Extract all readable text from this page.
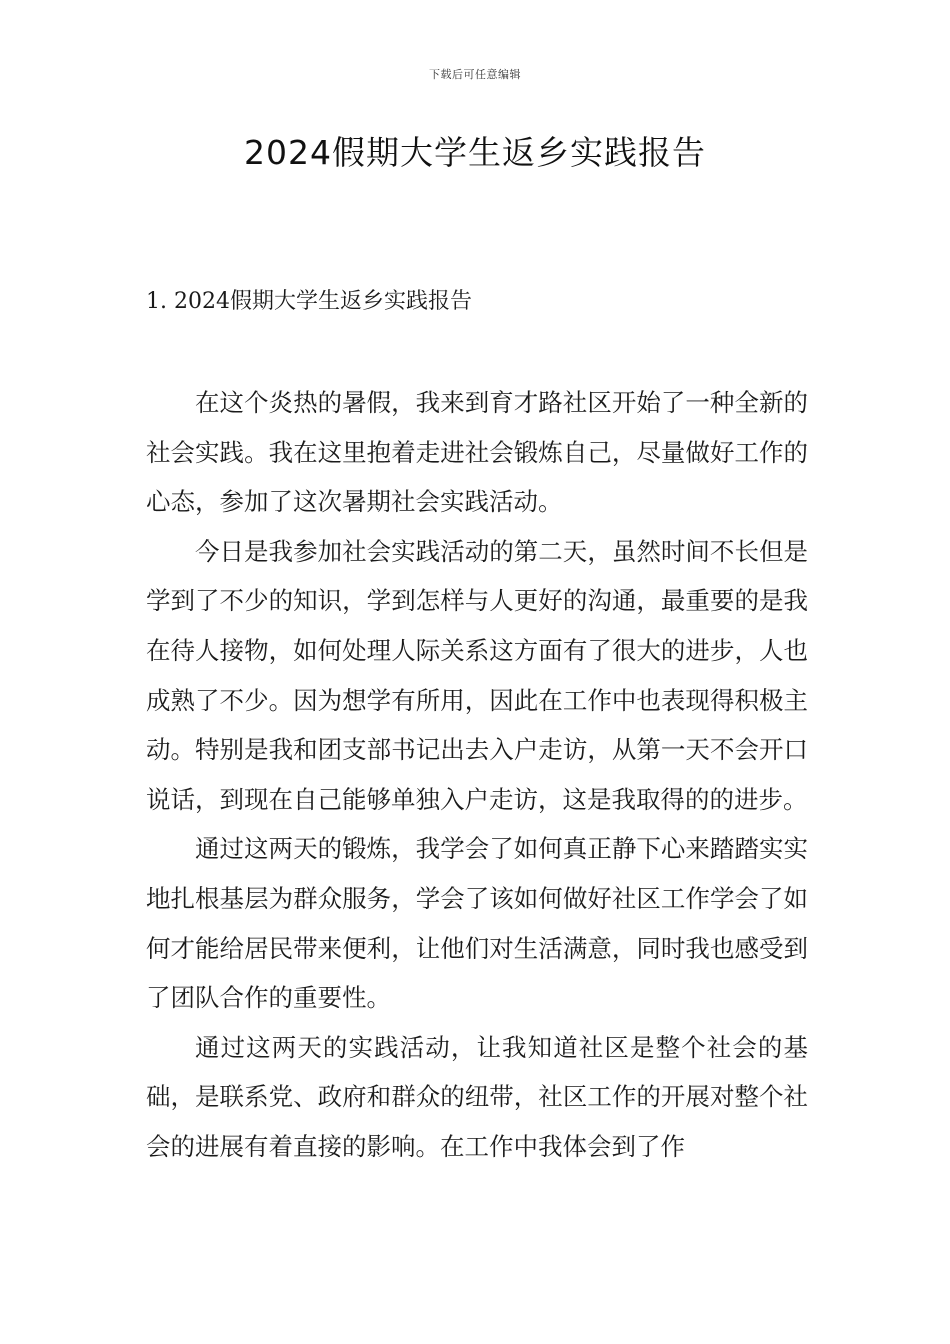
下载后可任意编辑
2024假期大学生返乡实践报告
1. 2024假期大学生返乡实践报告

在这个炎热的暑假，我来到育才路社区开始了一种全新的社会实践。我在这里抱着走进社会锻炼自己，尽量做好工作的心态，参加了这次暑期社会实践活动。

今日是我参加社会实践活动的第二天，虽然时间不长但是学到了不少的知识，学到怎样与人更好的沟通，最重要的是我在待人接物，如何处理人际关系这方面有了很大的进步，人也成熟了不少。因为想学有所用，因此在工作中也表现得积极主动。特别是我和团支部书记出去入户走访，从第一天不会开口说话，到现在自己能够单独入户走访，这是我取得的的进步。

通过这两天的锻炼，我学会了如何真正静下心来踏踏实实地扎根基层为群众服务，学会了该如何做好社区工作学会了如何才能给居民带来便利，让他们对生活满意，同时我也感受到了团队合作的重要性。

通过这两天的实践活动，让我知道社区是整个社会的基础，是联系党、政府和群众的纽带，社区工作的开展对整个社会的进展有着直接的影响。在工作中我体会到了作
